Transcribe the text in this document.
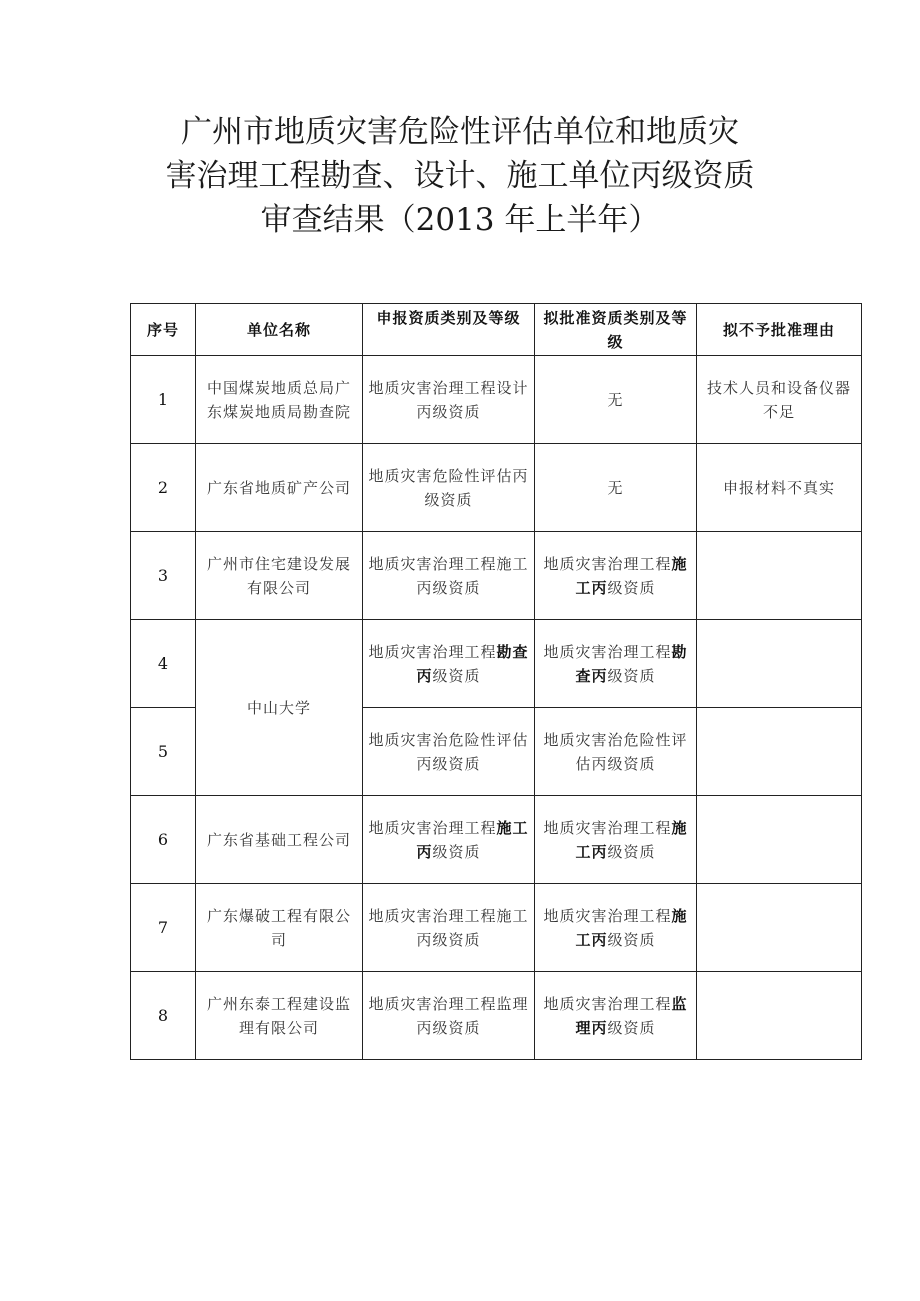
广州市地质灾害危险性评估单位和地质灾
害治理工程勘查、设计、施工单位丙级资质
审查结果（2013 年上半年）
序号	单位名称	申报资质类别及等级	拟批准资质类别及等级	拟不予批准理由
1	中国煤炭地质总局广东煤炭地质局勘查院	地质灾害治理工程设计丙级资质	无	技术人员和设备仪器不足
2	广东省地质矿产公司	地质灾害危险性评估丙级资质	无	申报材料不真实
3	广州市住宅建设发展有限公司	地质灾害治理工程施工丙级资质	地质灾害治理工程施工丙级资质	
4	中山大学	地质灾害治理工程勘查丙级资质	地质灾害治理工程勘查丙级资质	
5		地质灾害治危险性评估丙级资质	地质灾害治危险性评估丙级资质	
6	广东省基础工程公司	地质灾害治理工程施工丙级资质	地质灾害治理工程施工丙级资质	
7	广东爆破工程有限公司	地质灾害治理工程施工丙级资质	地质灾害治理工程施工丙级资质	
8	广州东泰工程建设监理有限公司	地质灾害治理工程监理丙级资质	地质灾害治理工程监理丙级资质	
